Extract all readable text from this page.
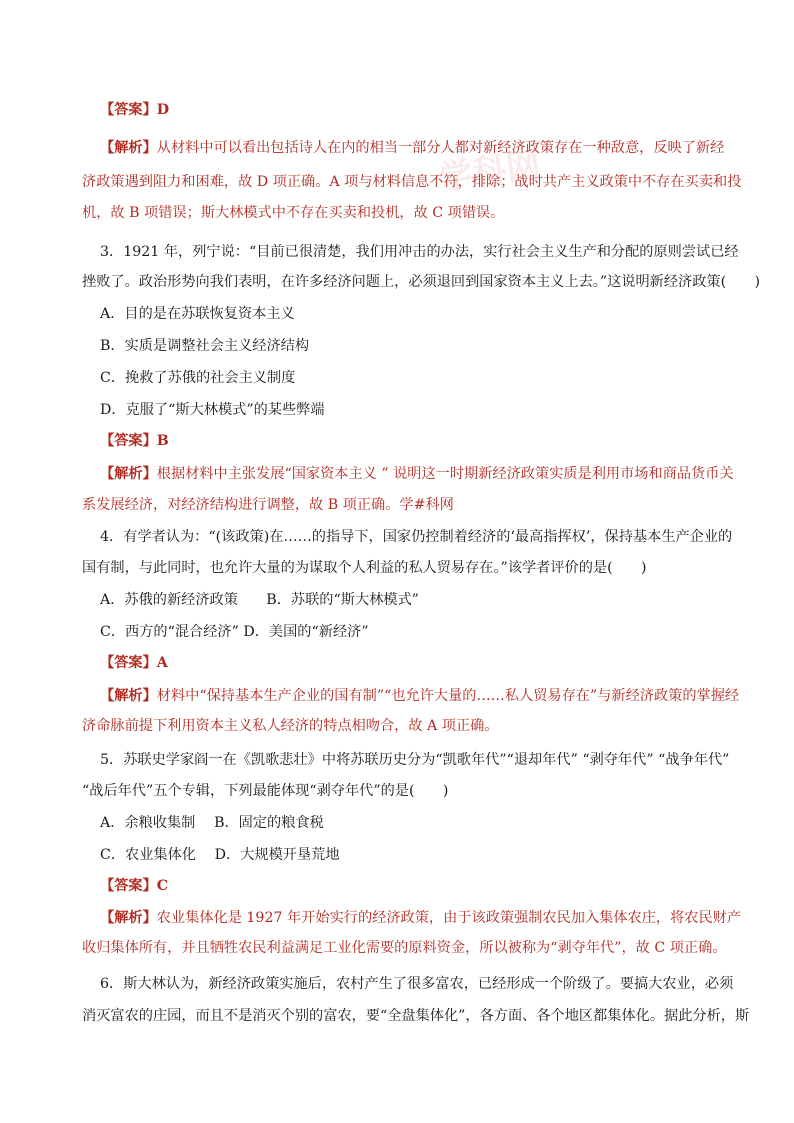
学科网
【答案】D
【解析】从材料中可以看出包括诗人在内的相当一部分人都对新经济政策存在一种敌意，反映了新经
济政策遇到阻力和困难，故 D 项正确。A 项与材料信息不符，排除；战时共产主义政策中不存在买卖和投
机，故 B 项错误；斯大林模式中不存在买卖和投机，故 C 项错误。
3．1921 年，列宁说：“目前已很清楚，我们用冲击的办法，实行社会主义生产和分配的原则尝试已经
挫败了。政治形势向我们表明，在许多经济问题上，必须退回到国家资本主义上去。”这说明新经济政策(　　)
A．目的是在苏联恢复资本主义
B．实质是调整社会主义经济结构
C．挽救了苏俄的社会主义制度
D．克服了“斯大林模式”的某些弊端
【答案】B
【解析】根据材料中主张发展“国家资本主义 ” 说明这一时期新经济政策实质是利用市场和商品货币关
系发展经济，对经济结构进行调整，故 B 项正确。学#科网
4．有学者认为：“(该政策)在……的指导下，国家仍控制着经济的‘最高指挥权’，保持基本生产企业的
国有制，与此同时，也允许大量的为谋取个人利益的私人贸易存在。”该学者评价的是(　　)
A．苏俄的新经济政策　　B．苏联的“斯大林模式”
C．西方的“混合经济” D．美国的“新经济”
【答案】A
【解析】材料中“保持基本生产企业的国有制”“也允许大量的……私人贸易存在”与新经济政策的掌握经
济命脉前提下利用资本主义私人经济的特点相吻合，故 A 项正确。
5．苏联史学家阎一在《凯歌悲壮》中将苏联历史分为“凯歌年代”“退却年代” “剥夺年代” “战争年代”
“战后年代”五个专辑，下列最能体现“剥夺年代”的是(　　)
A．余粮收集制　 B．固定的粮食税
C．农业集体化　 D．大规模开垦荒地
【答案】C
【解析】农业集体化是 1927 年开始实行的经济政策，由于该政策强制农民加入集体农庄，将农民财产
收归集体所有，并且牺牲农民利益满足工业化需要的原料资金，所以被称为“剥夺年代”，故 C 项正确。
6．斯大林认为，新经济政策实施后，农村产生了很多富农，已经形成一个阶级了。要搞大农业，必须
消灭富农的庄园，而且不是消灭个别的富农，要“全盘集体化”，各方面、各个地区都集体化。据此分析，斯
